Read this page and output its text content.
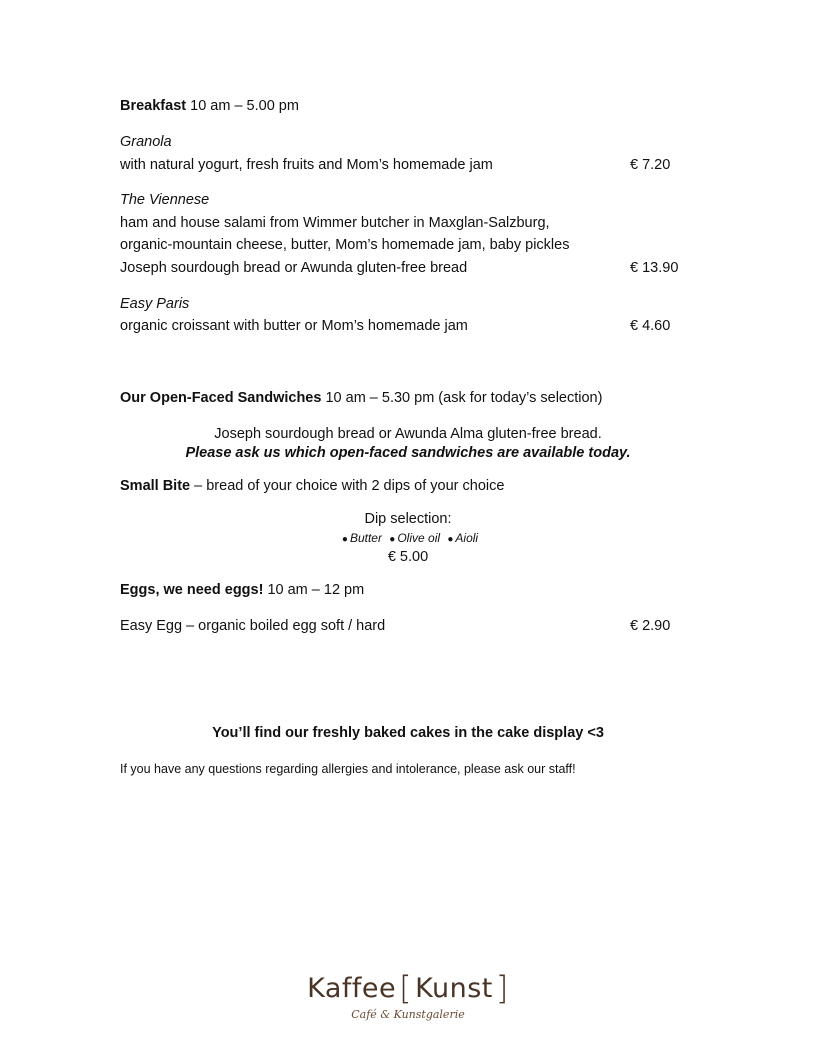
Breakfast 10 am – 5.00 pm
Granola
with natural yogurt, fresh fruits and Mom’s homemade jam	€ 7.20
The Viennese
ham and house salami from Wimmer butcher in Maxglan-Salzburg,
organic-mountain cheese, butter, Mom’s homemade jam, baby pickles
Joseph sourdough bread or Awunda gluten-free bread	€ 13.90
Easy Paris
organic croissant with butter or Mom’s homemade jam	€ 4.60
Our Open-Faced Sandwiches 10 am – 5.30 pm (ask for today’s selection)
Joseph sourdough bread or Awunda Alma gluten-free bread.
Please ask us which open-faced sandwiches are available today.
Small Bite – bread of your choice with 2 dips of your choice
Dip selection:
● Butter ● Olive oil ● Aioli
€ 5.00
Eggs, we need eggs! 10 am – 12 pm
Easy Egg – organic boiled egg soft / hard	€ 2.90
You’ll find our freshly baked cakes in the cake display <3
If you have any questions regarding allergies and intolerance, please ask our staff!
Kaffee [ Kunst ]
Café & Kunstgalerie
